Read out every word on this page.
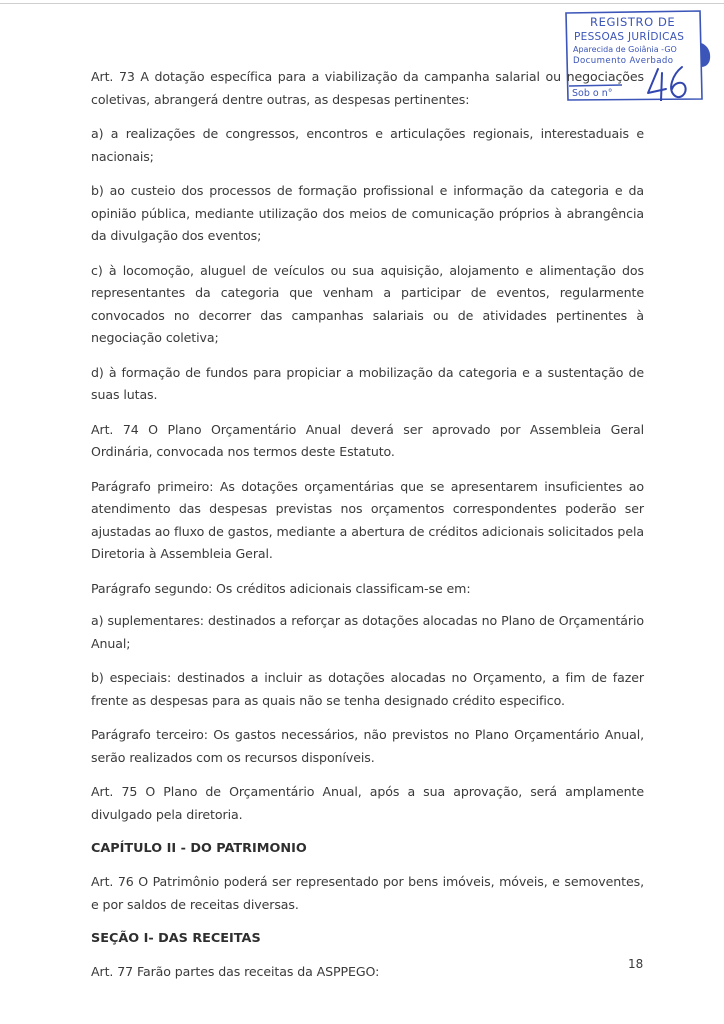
REGISTRO DE
PESSOAS JURÍDICAS
Aparecida de Goiânia -GO
Documento Averbado
Sob o n°

Art. 73 A dotação específica para a viabilização da campanha salarial ou negociações coletivas, abrangerá dentre outras, as despesas pertinentes:

a) a realizações de congressos, encontros e articulações regionais, interestaduais e nacionais;

b) ao custeio dos processos de formação profissional e informação da categoria e da opinião pública, mediante utilização dos meios de comunicação próprios à abrangência da divulgação dos eventos;

c) à locomoção, aluguel de veículos ou sua aquisição, alojamento e alimentação dos representantes da categoria que venham a participar de eventos, regularmente convocados no decorrer das campanhas salariais ou de atividades pertinentes à negociação coletiva;

d) à formação de fundos para propiciar a mobilização da categoria e a sustentação de suas lutas.

Art. 74 O Plano Orçamentário Anual deverá ser aprovado por Assembleia Geral Ordinária, convocada nos termos deste Estatuto.

Parágrafo primeiro: As dotações orçamentárias que se apresentarem insuficientes ao atendimento das despesas previstas nos orçamentos correspondentes poderão ser ajustadas ao fluxo de gastos, mediante a abertura de créditos adicionais solicitados pela Diretoria à Assembleia Geral.

Parágrafo segundo: Os créditos adicionais classificam-se em:

a) suplementares: destinados a reforçar as dotações alocadas no Plano de Orçamentário Anual;

b) especiais: destinados a incluir as dotações alocadas no Orçamento, a fim de fazer frente as despesas para as quais não se tenha designado crédito especifico.

Parágrafo terceiro: Os gastos necessários, não previstos no Plano Orçamentário Anual, serão realizados com os recursos disponíveis.

Art. 75 O Plano de Orçamentário Anual, após a sua aprovação, será amplamente divulgado pela diretoria.

CAPÍTULO II - DO PATRIMONIO

Art. 76 O Patrimônio poderá ser representado por bens imóveis, móveis, e semoventes, e por saldos de receitas diversas.

SEÇÃO I- DAS RECEITAS

Art. 77 Farão partes das receitas da ASPPEGO:	18
